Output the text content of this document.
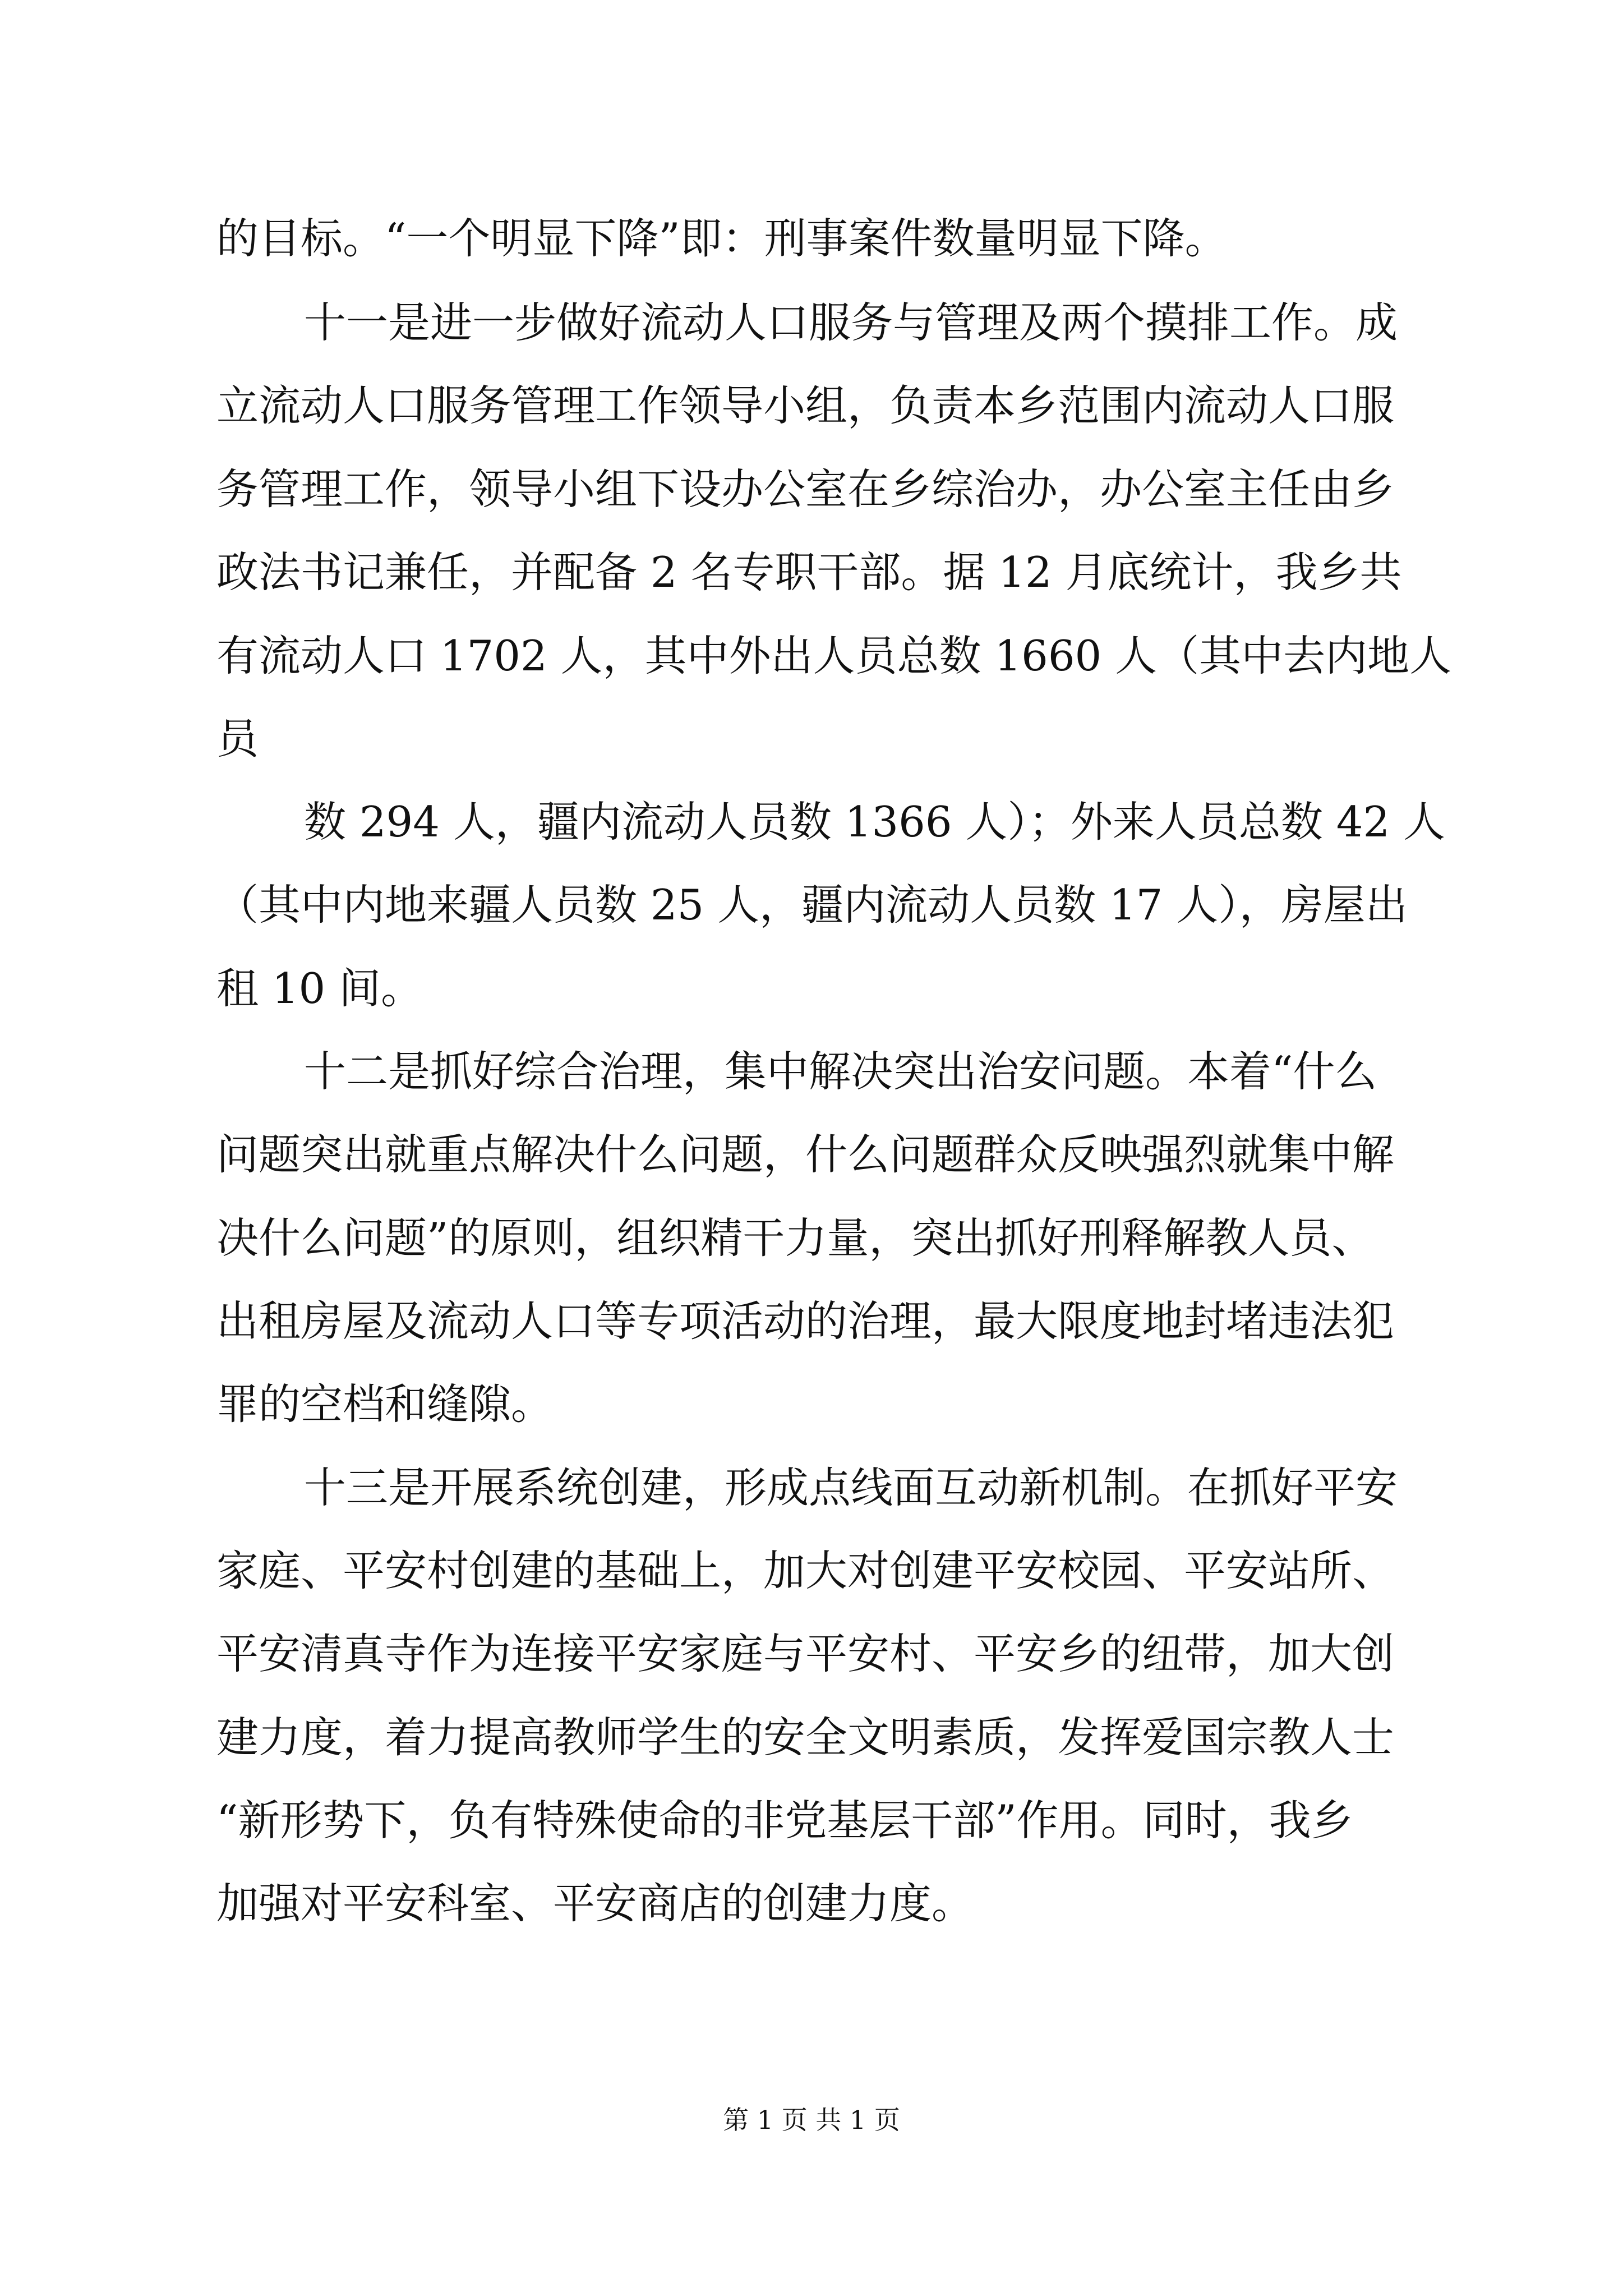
的目标。“一个明显下降”即：刑事案件数量明显下降。

十一是进一步做好流动人口服务与管理及两个摸排工作。成

立流动人口服务管理工作领导小组，负责本乡范围内流动人口服

务管理工作，领导小组下设办公室在乡综治办，办公室主任由乡

政法书记兼任，并配备 2 名专职干部。据 12 月底统计，我乡共

有流动人口 1702 人，其中外出人员总数 1660 人（其中去内地人

员

数 294 人，疆内流动人员数 1366 人）；外来人员总数 42 人

（其中内地来疆人员数 25 人，疆内流动人员数 17 人），房屋出

租 10 间。

十二是抓好综合治理，集中解决突出治安问题。本着“什么

问题突出就重点解决什么问题，什么问题群众反映强烈就集中解

决什么问题”的原则，组织精干力量，突出抓好刑释解教人员、

出租房屋及流动人口等专项活动的治理，最大限度地封堵违法犯

罪的空档和缝隙。

十三是开展系统创建，形成点线面互动新机制。在抓好平安

家庭、平安村创建的基础上，加大对创建平安校园、平安站所、

平安清真寺作为连接平安家庭与平安村、平安乡的纽带，加大创

建力度，着力提高教师学生的安全文明素质，发挥爱国宗教人士

“新形势下，负有特殊使命的非党基层干部”作用。同时，我乡

加强对平安科室、平安商店的创建力度。

第 1 页 共 1 页
